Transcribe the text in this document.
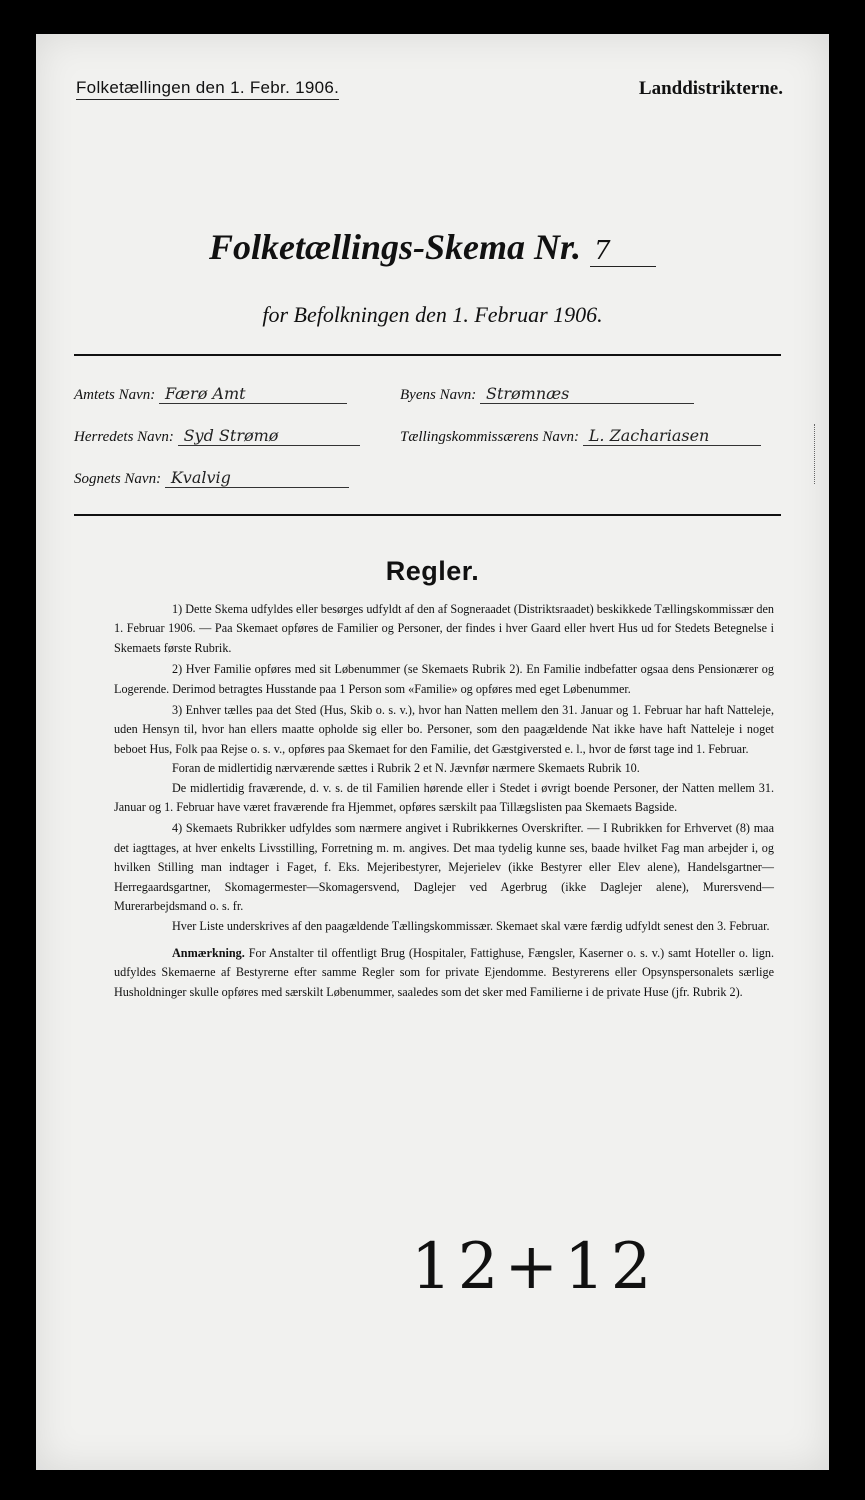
Folketællingen den 1. Febr. 1906.	Landdistrikterne.
Folketællings-Skema Nr. 7
for Befolkningen den 1. Februar 1906.
Amtets Navn: Færø Amt	Byens Navn: Strømnæs
Herredets Navn: Syd Strømø	Tællingskommissærens Navn: L. Zachariasen
Sognets Navn: Kvalvig
Regler.

1) Dette Skema udfyldes eller besørges udfyldt af den af Sogneraadet (Distriktsraadet) beskikkede Tællingskommissær den 1. Februar 1906. — Paa Skemaet opføres de Familier og Personer, der findes i hver Gaard eller hvert Hus ud for Stedets Betegnelse i Skemaets første Rubrik.

2) Hver Familie opføres med sit Løbenummer (se Skemaets Rubrik 2). En Familie indbefatter ogsaa dens Pensionærer og Logerende. Derimod betragtes Husstande paa 1 Person som «Familie» og opføres med eget Løbenummer.

3) Enhver tælles paa det Sted (Hus, Skib o. s. v.), hvor han Natten mellem den 31. Januar og 1. Februar har haft Natteleje, uden Hensyn til, hvor han ellers maatte opholde sig eller bo. Personer, som den paagældende Nat ikke have haft Natteleje i noget beboet Hus, Folk paa Rejse o. s. v., opføres paa Skemaet for den Familie, det Gæstgiversted e. l., hvor de først tage ind 1. Februar.

Foran de midlertidig nærværende sættes i Rubrik 2 et N. Jævnfør nærmere Skemaets Rubrik 10.

De midlertidig fraværende, d. v. s. de til Familien hørende eller i Stedet i øvrigt boende Personer, der Natten mellem 31. Januar og 1. Februar have været fraværende fra Hjemmet, opføres særskilt paa Tillægslisten paa Skemaets Bagside.

4) Skemaets Rubrikker udfyldes som nærmere angivet i Rubrikkernes Overskrifter. — I Rubrikken for Erhvervet (8) maa det iagttages, at hver enkelts Livsstilling, Forretning m. m. angives. Det maa tydelig kunne ses, baade hvilket Fag man arbejder i, og hvilken Stilling man indtager i Faget, f. Eks. Mejeribestyrer, Mejerielev (ikke Bestyrer eller Elev alene), Handelsgartner—Herregaardsgartner, Skomagermester—Skomagersvend, Daglejer ved Agerbrug (ikke Daglejer alene), Murersvend—Murerarbejdsmand o. s. fr.

Hver Liste underskrives af den paagældende Tællingskommissær. Skemaet skal være færdig udfyldt senest den 3. Februar.

Anmærkning. For Anstalter til offentligt Brug (Hospitaler, Fattighuse, Fængsler, Kaserner o. s. v.) samt Hoteller o. lign. udfyldes Skemaerne af Bestyrerne efter samme Regler som for private Ejendomme. Bestyrerens eller Opsynspersonalets særlige Husholdninger skulle opføres med særskilt Løbenummer, saaledes som det sker med Familierne i de private Huse (jfr. Rubrik 2).

12+12
